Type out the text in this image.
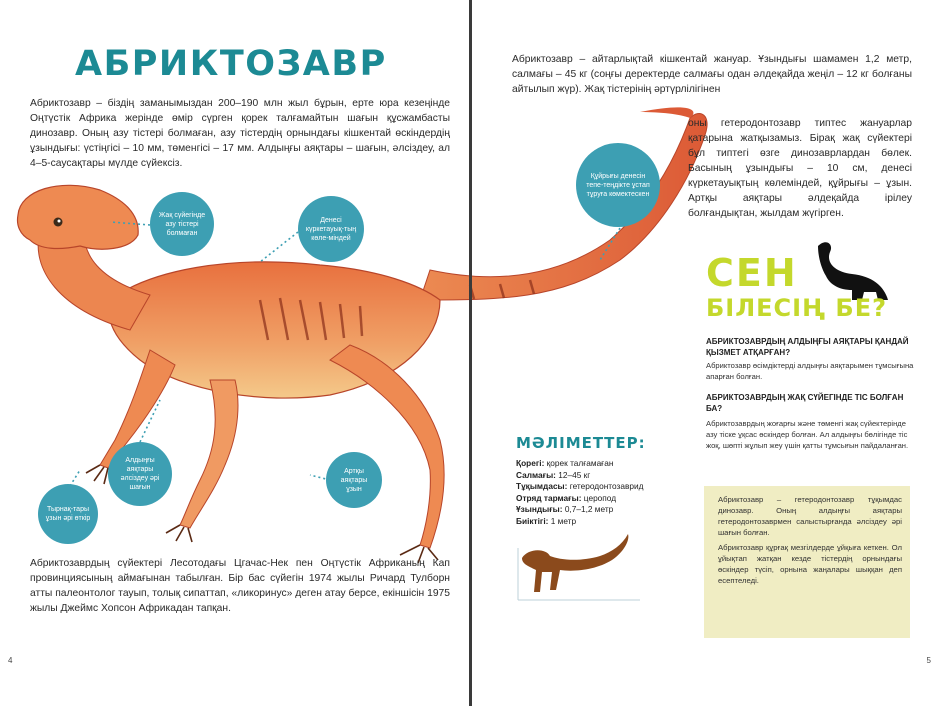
АБРИКТОЗАВР

Абриктозавр – біздің заманымыздан 200–190 млн жыл бұрын, ерте юра кезеңінде Оңтүстік Африка жерінде өмір сүрген қорек талғамайтын шағын құсжамбасты динозавр. Оның азу тістері болмаған, азу тістердің орнындағы кішкентай өскіндердің ұзындығы: үстіңгісі – 10 мм, төменгісі – 17 мм. Алдыңғы аяқтары – шағын, әлсіздеу, ал 4–5-саусақтары мүлде сүйексіз.

Жақ сүйегінде азу тістері болмаған
Денесі күркетауық-тың көле-міндей
Алдыңғы аяқтары әлсіздеу әрі шағын
Артқы аяқтары ұзын
Тырнақ-тары ұзын әрі өткір

Абриктозаврдың сүйектері Лесотодағы Цгачас-Нек пен Оңтүстік Африканың Кап провинциясының аймағынан табылған. Бір бас сүйегін 1974 жылы Ричард Тулборн атты палеонтолог тауып, толық сипаттап, «ликоринус» деген атау берсе, екіншісін 1975 жылы Джеймс Хопсон Африкадан тапқан.

4

Абриктозавр – айтарлықтай кішкентай жануар. Ұзындығы шамамен 1,2 метр, салмағы – 45 кг (соңғы деректерде салмағы одан әлдеқайда жеңіл – 12 кг болғаны айтылып жүр). Жақ тістерінің әртүрлілігінен

оны гетеродонтозавр типтес жануарлар қатарына жатқызамыз. Бірақ жақ сүйектері бұл типтегі өзге динозаврлардан бөлек. Басының ұзындығы – 10 см, денесі күркетауықтың көлеміндей, құйрығы – ұзын. Артқы аяқтары әлдеқайда ірілеу болғандықтан, жылдам жүгірген.

Құйрығы денесін тепе-теңдікте ұстап тұруға көмектескен
СЕН
БІЛЕСІҢ БЕ?
АБРИКТОЗАВРДЫҢ АЛДЫҢҒЫ АЯҚТАРЫ ҚАНДАЙ ҚЫЗМЕТ АТҚАРҒАН?
Абриктозавр өсімдіктерді алдыңғы аяқтарымен тұмсығына апарған болған.
АБРИКТОЗАВРДЫҢ ЖАҚ СҮЙЕГІНДЕ ТІС БОЛҒАН БА?
Абриктозаврдың жоғарғы және төменгі жақ сүйектерінде азу тіске ұқсас өскіндер болған. Ал алдыңғы бөлігінде тіс жоқ, шөпті жұлып жеу үшін қатты тұмсығын пайдаланған.
МӘЛІМЕТТЕР:
Қорегі: қорек талғамаған
Салмағы: 12–45 кг
Тұқымдасы: гетеродонтозаврид
Отряд тармағы: церопод
Ұзындығы: 0,7–1,2 метр
Биіктігі: 1 метр

Абриктозавр – гетеродонтозавр тұқымдас динозавр. Оның алдыңғы аяқтары гетеродонтозаврмен салыстырғанда әлсіздеу әрі шағын болған.

Абриктозавр құрғақ мезгілдерде ұйқыға кеткен. Ол ұйықтап жатқан кезде тістердің орнындағы өскіндер түсіп, орнына жаңалары шыққан деп есептеледі.

5
